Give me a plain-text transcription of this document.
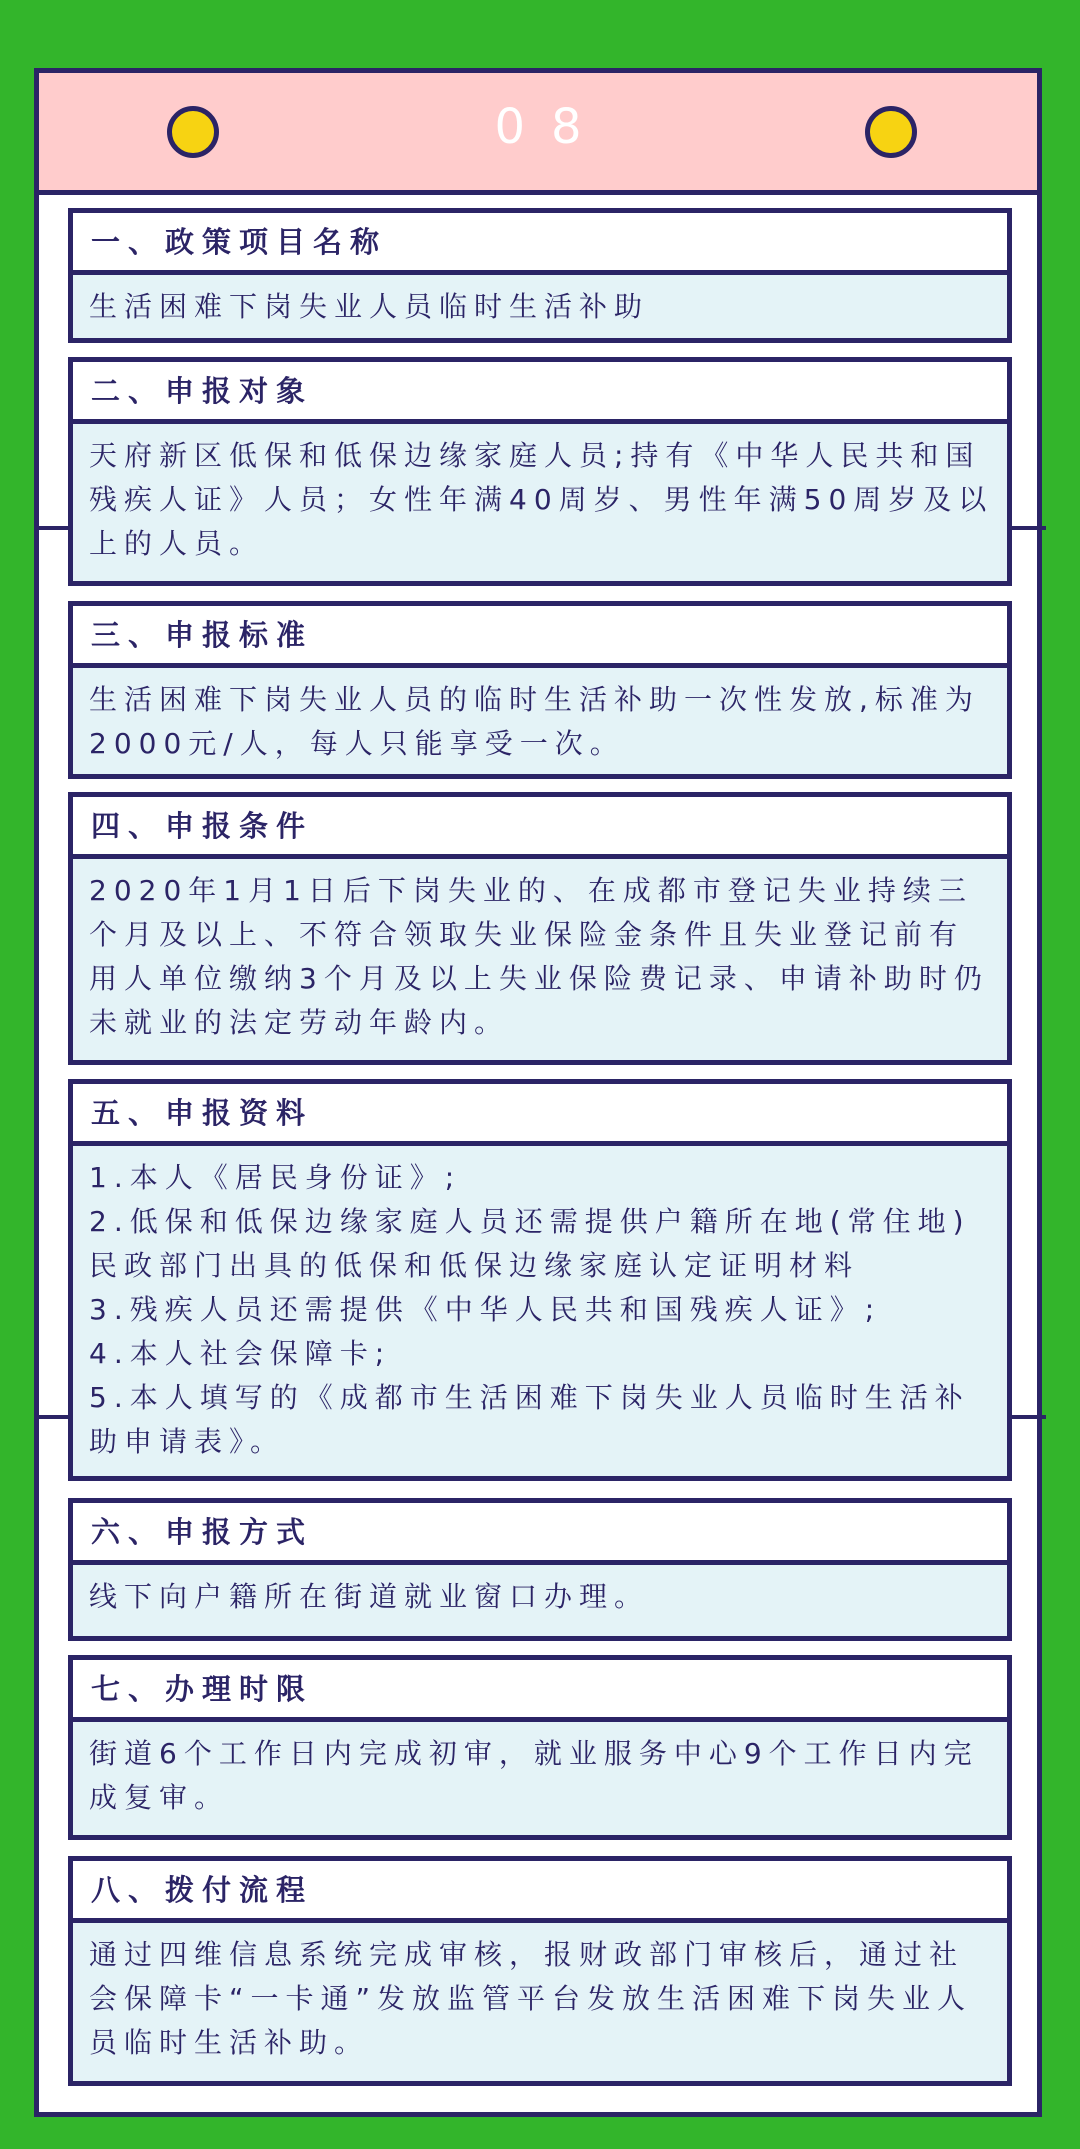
08
一、政策项目名称

生活困难下岗失业人员临时生活补助

二、申报对象

天府新区低保和低保边缘家庭人员;持有《中华人民共和国残疾人证》人员；女性年满40周岁、男性年满50周岁及以上的人员。

三、申报标准

生活困难下岗失业人员的临时生活补助一次性发放,标准为2000元/人，每人只能享受一次。

四、申报条件

2020年1月1日后下岗失业的、在成都市登记失业持续三个月及以上、不符合领取失业保险金条件且失业登记前有用人单位缴纳3个月及以上失业保险费记录、申请补助时仍未就业的法定劳动年龄内。

五、申报资料

1.本人《居民身份证》;

2.低保和低保边缘家庭人员还需提供户籍所在地(常住地)民政部门出具的低保和低保边缘家庭认定证明材料

3.残疾人员还需提供《中华人民共和国残疾人证》;

4.本人社会保障卡;

5.本人填写的《成都市生活困难下岗失业人员临时生活补助申请表》。

六、申报方式

线下向户籍所在街道就业窗口办理。

七、办理时限

街道6个工作日内完成初审，就业服务中心9个工作日内完成复审。

八、拨付流程

通过四维信息系统完成审核，报财政部门审核后，通过社会保障卡“一卡通”发放监管平台发放生活困难下岗失业人员临时生活补助。
